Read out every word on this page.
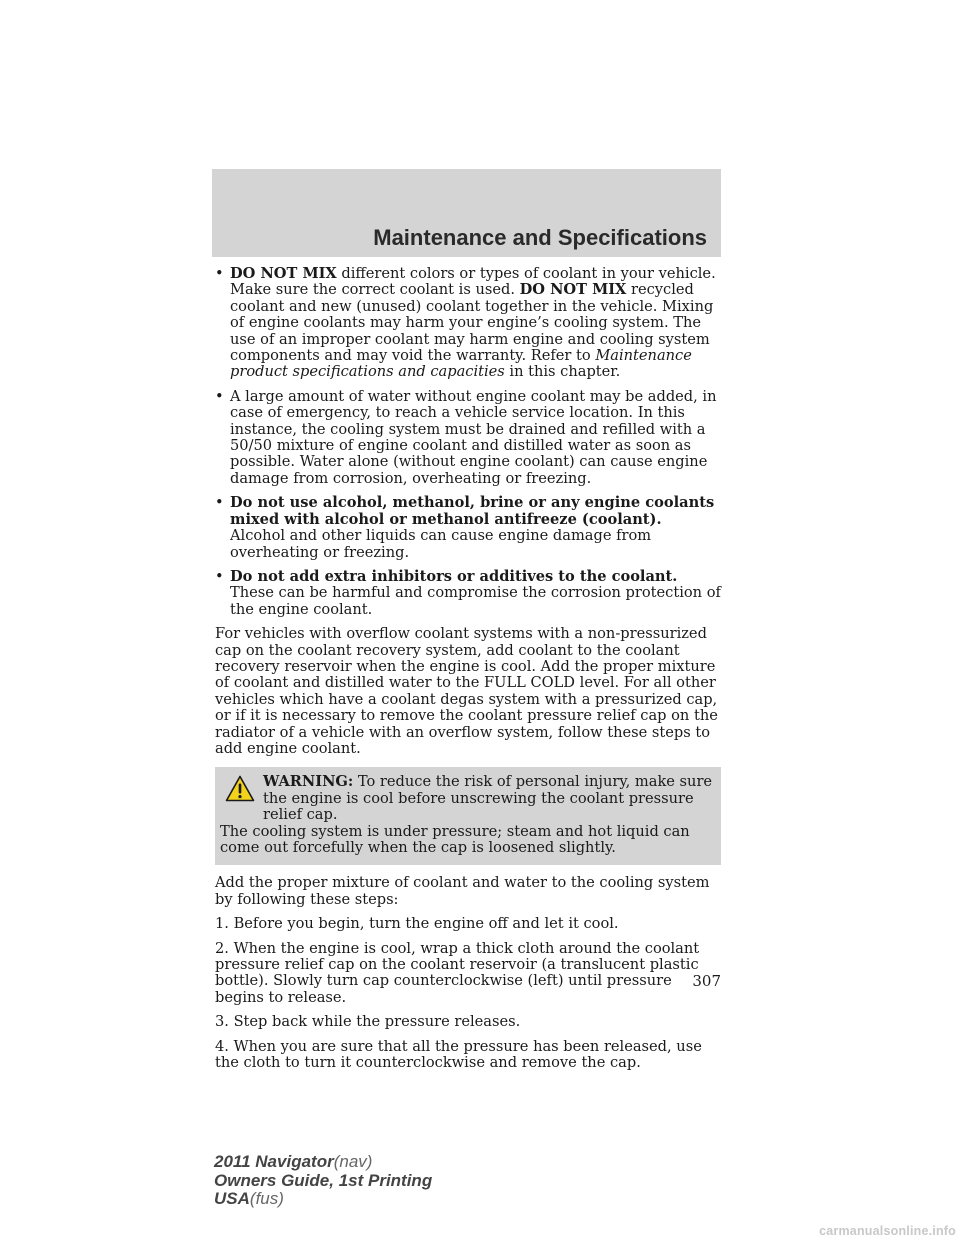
Maintenance and Specifications
• DO NOT MIX different colors or types of coolant in your vehicle. Make sure the correct coolant is used. DO NOT MIX recycled coolant and new (unused) coolant together in the vehicle. Mixing of engine coolants may harm your engine’s cooling system. The use of an improper coolant may harm engine and cooling system components and may void the warranty. Refer to Maintenance product specifications and capacities in this chapter.
• A large amount of water without engine coolant may be added, in case of emergency, to reach a vehicle service location. In this instance, the cooling system must be drained and refilled with a 50/50 mixture of engine coolant and distilled water as soon as possible. Water alone (without engine coolant) can cause engine damage from corrosion, overheating or freezing.
• Do not use alcohol, methanol, brine or any engine coolants mixed with alcohol or methanol antifreeze (coolant). Alcohol and other liquids can cause engine damage from overheating or freezing.
• Do not add extra inhibitors or additives to the coolant. These can be harmful and compromise the corrosion protection of the engine coolant.

For vehicles with overflow coolant systems with a non-pressurized cap on the coolant recovery system, add coolant to the coolant recovery reservoir when the engine is cool. Add the proper mixture of coolant and distilled water to the FULL COLD level. For all other vehicles which have a coolant degas system with a pressurized cap, or if it is necessary to remove the coolant pressure relief cap on the radiator of a vehicle with an overflow system, follow these steps to add engine coolant.

WARNING: To reduce the risk of personal injury, make sure the engine is cool before unscrewing the coolant pressure relief cap.
The cooling system is under pressure; steam and hot liquid can come out forcefully when the cap is loosened slightly.

Add the proper mixture of coolant and water to the cooling system by following these steps:

1. Before you begin, turn the engine off and let it cool.

2. When the engine is cool, wrap a thick cloth around the coolant pressure relief cap on the coolant reservoir (a translucent plastic bottle). Slowly turn cap counterclockwise (left) until pressure begins to release.

3. Step back while the pressure releases.

4. When you are sure that all the pressure has been released, use the cloth to turn it counterclockwise and remove the cap.

307
2011 Navigator(nav)
Owners Guide, 1st Printing
USA(fus)
carmanualsonline.info
